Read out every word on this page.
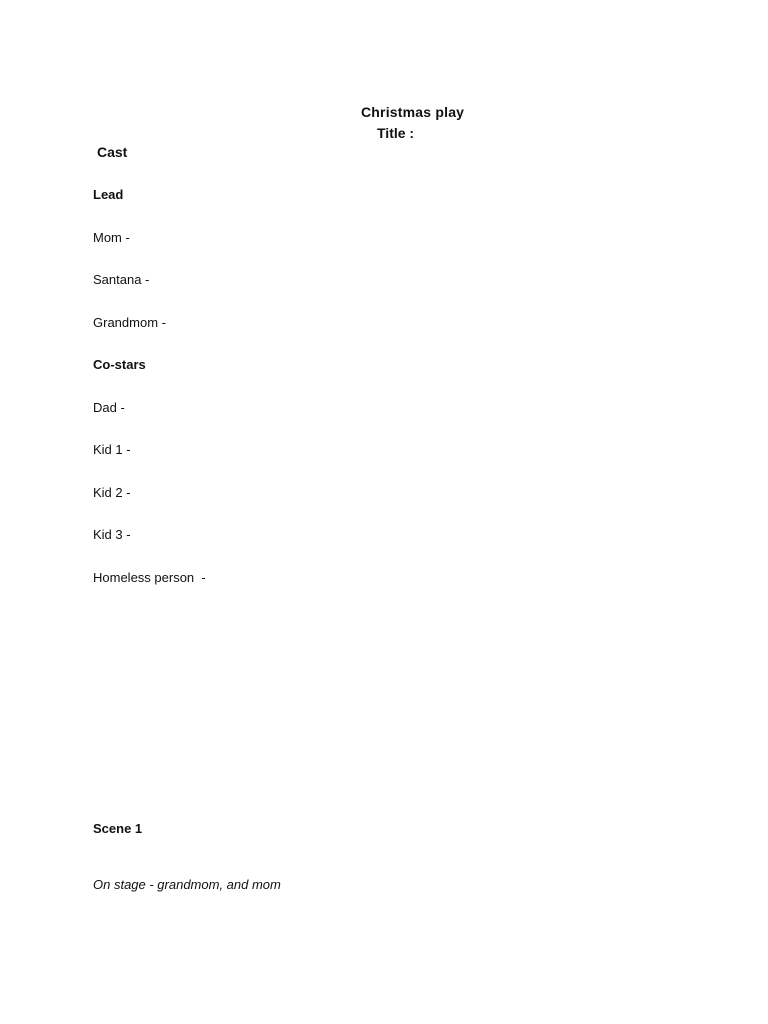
Christmas play
Title :
Cast
Lead
Mom -
Santana -
Grandmom -
Co-stars
Dad -
Kid 1 -
Kid 2 -
Kid 3 -
Homeless person  -
Scene 1
On stage - grandmom, and mom
